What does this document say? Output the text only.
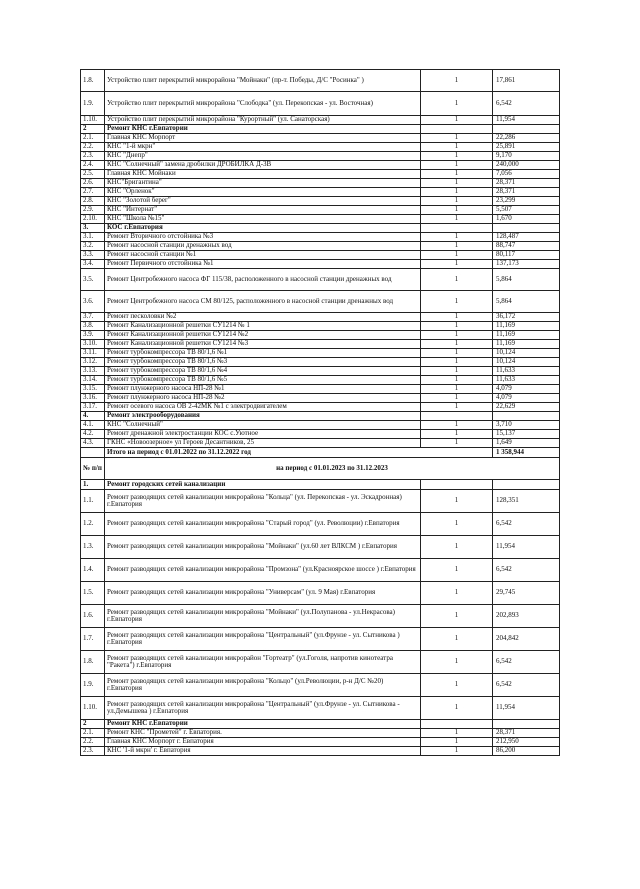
1.8.	Устройство плит перекрытий микрорайона "Мойнаки" (пр-т. Победы, Д/С "Росинка" )	1	17,861
1.9.	Устройство плит перекрытий микрорайона "Слободка" (ул. Перекопская - ул. Восточная)	1	6,542
1.10.	Устройство плит перекрытий микрорайона "Курортный" (ул. Санаторская)	1	11,954
2	Ремонт КНС г.Евпатории		
2.1.	Главная КНС Морпорт	1	22,286
2.2.	КНС "1-й мкрн"	1	25,891
2.3.	КНС "Днепр"	1	9,170
2.4.	КНС "Солнечный" замена дробилки ДРОБИЛКА Д-3В	1	240,000
2.5.	Главная КНС Мойнаки	1	7,056
2.6.	КНС"Бригантина"	1	28,371
2.7.	КНС "Орленок"	1	28,371
2.8.	КНС "Золотой берег"	1	23,299
2.9.	КНС "Интернат"	1	5,507
2.10.	КНС "Школа №15"	1	1,670
3.	КОС г.Евпатория		
3.1.	Ремонт Вторичного отстойника №3	1	128,487
3.2.	Ремонт насосной станции дренажных вод	1	88,747
3.3.	Ремонт насосной станции №1	1	80,117
3.4.	Ремонт Первичного отстойника №1	1	137,173
3.5.	Ремонт Центробежного насоса ФГ 115/38, расположенного в насосной станции дренажных вод	1	5,864
3.6.	Ремонт Центробежного насоса СМ 80/125, расположенного в насосной станции дренажных вод	1	5,864
3.7.	Ремонт песколовки №2	1	36,172
3.8.	Ремонт Канализационной решетки СУ1214 № 1	1	11,169
3.9.	Ремонт Канализационной решетки СУ1214 №2	1	11,169
3.10.	Ремонт Канализационной решетки СУ1214 №3	1	11,169
3.11.	Ремонт турбокомпрессора ТВ 80/1,6 №1	1	10,124
3.12.	Ремонт турбокомпрессора ТВ 80/1,6 №3	1	10,124
3.13.	Ремонт турбокомпрессора ТВ 80/1,6 №4	1	11,633
3.14.	Ремонт турбокомпрессора ТВ 80/1,6 №5	1	11,633
3.15.	Ремонт плунжерного насоса НП-28 №1	1	4,079
3.16.	Ремонт плунжерного насоса НП-28 №2	1	4,079
3.17.	Ремонт осевого насоса ОВ 2-42МК №1 с электродвигателем	1	22,629
4.	Ремонт электрооборудования		
4.1.	КНС "Солнечный"	1	3,710
4.2.	Ремонт дренажной электростанции КОС с.Уютное	1	15,137
4.3.	ГКНС «Новоозерное» ул Героев Десантников, 25	1	1,649
	Итого на период с 01.01.2022 по 31.12.2022 год		1 358,944
№ п/п	на период с 01.01.2023 по 31.12.2023		
1.	Ремонт городских сетей канализации		
1.1.	Ремонт разводящих сетей канализации микрорайона "Кольца" (ул. Перекопская - ул. Эскадронная) г.Евпатория	1	128,351
1.2.	Ремонт разводящих сетей канализации микрорайона "Старый город" (ул. Революции) г.Евпатория	1	6,542
1.3.	Ремонт разводящих сетей канализации микрорайона "Мойнаки" (ул.60 лет ВЛКСМ ) г.Евпатория	1	11,954
1.4.	Ремонт разводящих сетей канализации микрорайона "Промзона" (ул.Красноярское шоссе ) г.Евпатория	1	6,542
1.5.	Ремонт разводящих сетей канализации микрорайона "Универсам" (ул. 9 Мая) г.Евпатория	1	29,745
1.6.	Ремонт разводящих сетей канализации микрорайона "Мойнаки" (ул.Полупанова - ул.Некрасова) г.Евпатория	1	202,893
1.7.	Ремонт разводящих сетей канализации микрорайона "Центральный" (ул.Фрунзе - ул. Сытникова ) г.Евпатория	1	204,842
1.8.	Ремонт разводящих сетей канализации микрорайон "Гортеатр" (ул.Гоголя, напротив кинотеатра "Ракета") г.Евпатория	1	6,542
1.9.	Ремонт разводящих сетей канализации микрорайона "Кольцо" (ул.Революции, р-н Д/С №20) г.Евпатория	1	6,542
1.10.	Ремонт разводящих сетей канализации микрорайона "Центральный" (ул.Фрунзе - ул. Сытникова - ул.Демышева ) г.Евпатория	1	11,954
2	Ремонт КНС г.Евпатории		
2.1.	Ремонт КНС "Прометей" г. Евпатория.	1	28,371
2.2.	Главная КНС Морпорт г. Евпатория	1	212,950
2.3.	КНС '1-й мкрн' г. Евпатория	1	86,200
